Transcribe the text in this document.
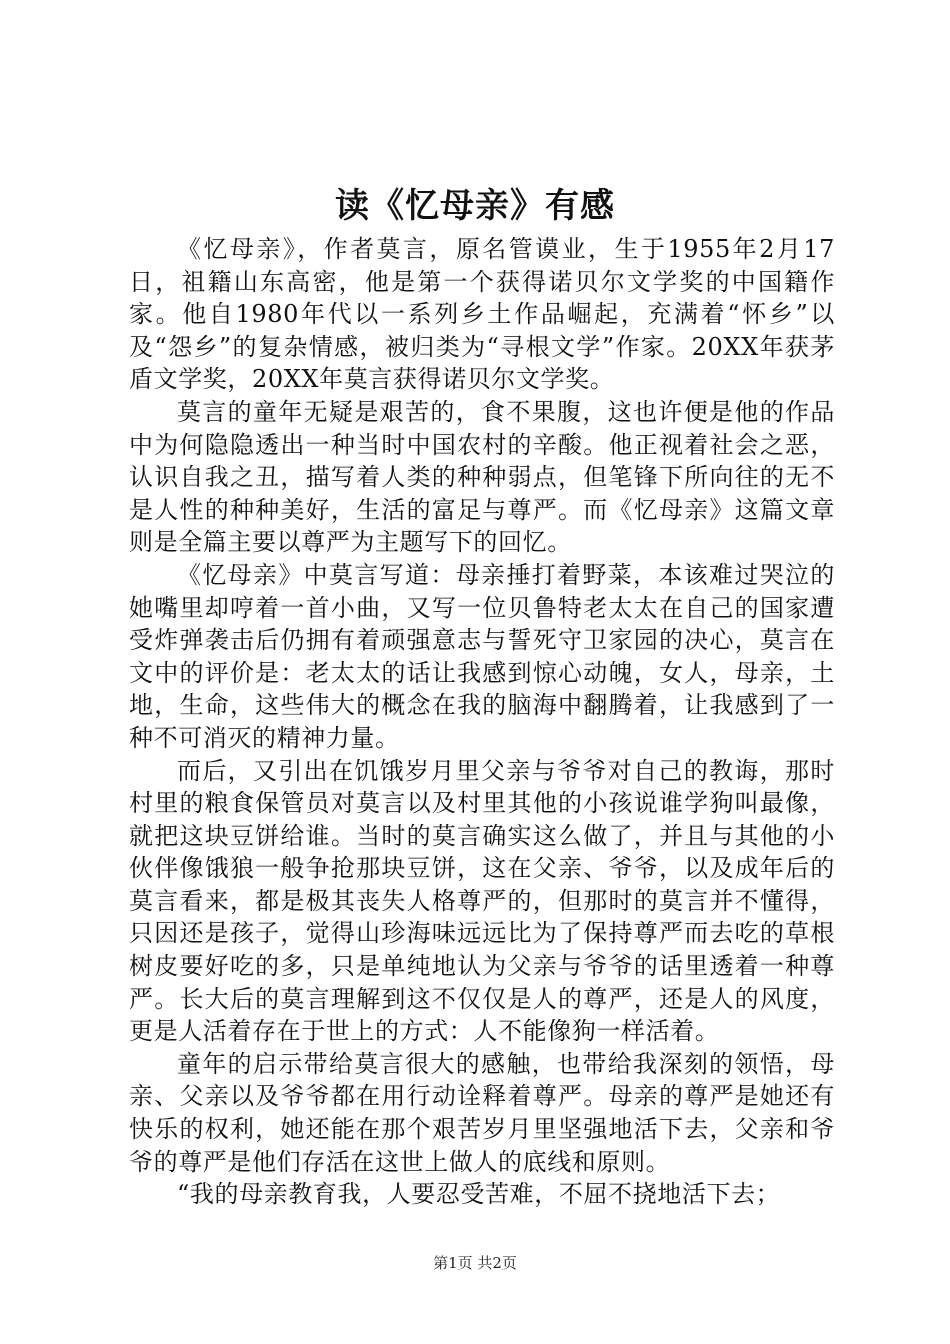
读《忆母亲》有感

《忆母亲》，作者莫言，原名管谟业，生于1955年2月17日，祖籍山东高密，他是第一个获得诺贝尔文学奖的中国籍作家。他自1980年代以一系列乡土作品崛起，充满着“怀乡”以及“怨乡”的复杂情感，被归类为“寻根文学”作家。20XX年获茅盾文学奖，20XX年莫言获得诺贝尔文学奖。

莫言的童年无疑是艰苦的，食不果腹，这也许便是他的作品中为何隐隐透出一种当时中国农村的辛酸。他正视着社会之恶，认识自我之丑，描写着人类的种种弱点，但笔锋下所向往的无不是人性的种种美好，生活的富足与尊严。而《忆母亲》这篇文章则是全篇主要以尊严为主题写下的回忆。

《忆母亲》中莫言写道：母亲捶打着野菜，本该难过哭泣的她嘴里却哼着一首小曲，又写一位贝鲁特老太太在自己的国家遭受炸弹袭击后仍拥有着顽强意志与誓死守卫家园的决心，莫言在文中的评价是：老太太的话让我感到惊心动魄，女人，母亲，土地，生命，这些伟大的概念在我的脑海中翻腾着，让我感到了一种不可消灭的精神力量。

而后，又引出在饥饿岁月里父亲与爷爷对自己的教诲，那时村里的粮食保管员对莫言以及村里其他的小孩说谁学狗叫最像，就把这块豆饼给谁。当时的莫言确实这么做了，并且与其他的小伙伴像饿狼一般争抢那块豆饼，这在父亲、爷爷，以及成年后的莫言看来，都是极其丧失人格尊严的，但那时的莫言并不懂得，只因还是孩子，觉得山珍海味远远比为了保持尊严而去吃的草根树皮要好吃的多，只是单纯地认为父亲与爷爷的话里透着一种尊严。长大后的莫言理解到这不仅仅是人的尊严，还是人的风度，更是人活着存在于世上的方式：人不能像狗一样活着。

童年的启示带给莫言很大的感触，也带给我深刻的领悟，母亲、父亲以及爷爷都在用行动诠释着尊严。母亲的尊严是她还有快乐的权利，她还能在那个艰苦岁月里坚强地活下去，父亲和爷爷的尊严是他们存活在这世上做人的底线和原则。

“我的母亲教育我，人要忍受苦难，不屈不挠地活下去；

第1页 共2页
